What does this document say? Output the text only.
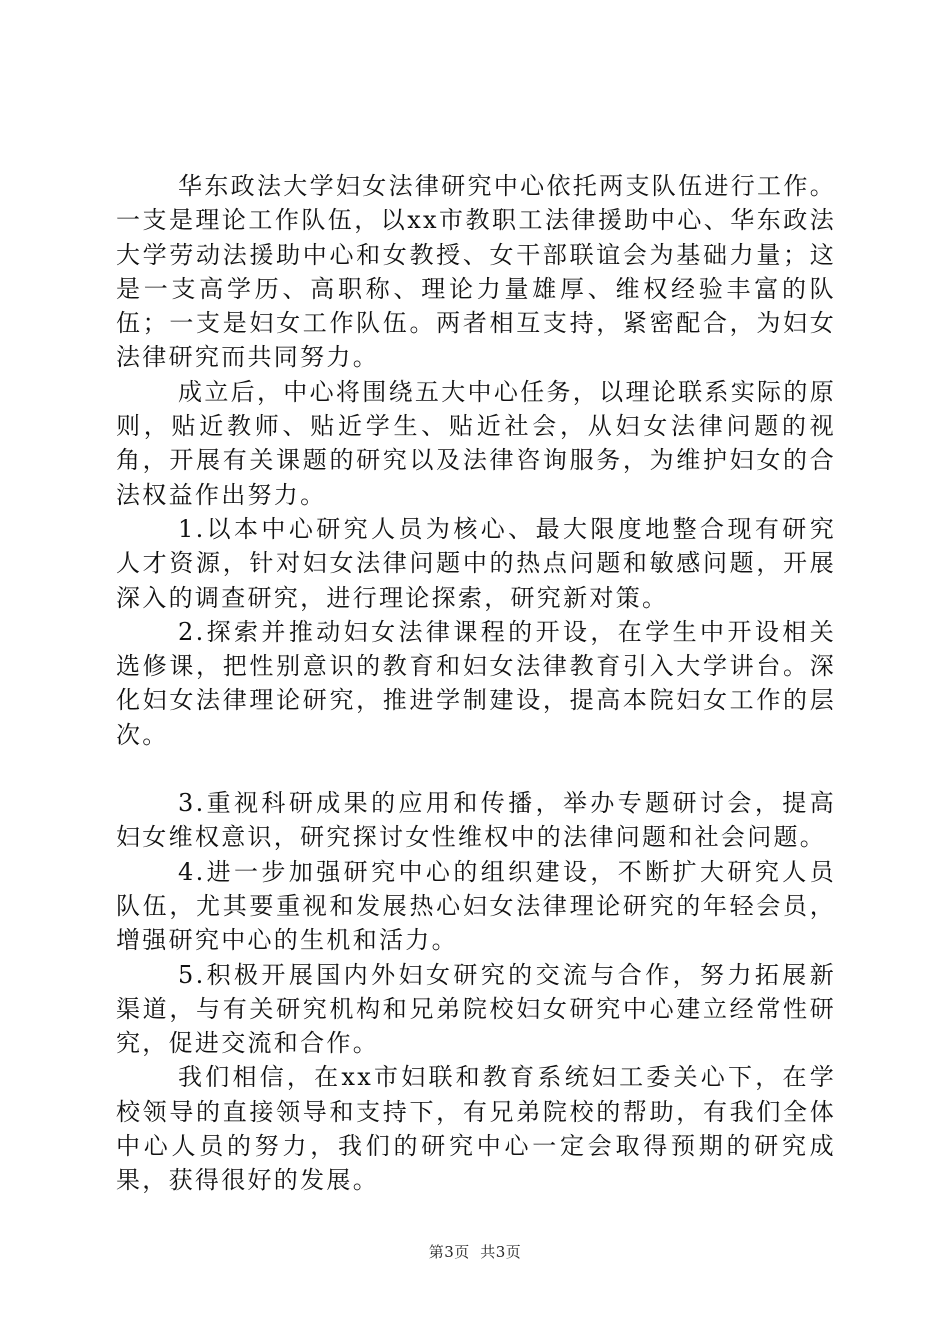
华东政法大学妇女法律研究中心依托两支队伍进行工作。一支是理论工作队伍，以xx市教职工法律援助中心、华东政法大学劳动法援助中心和女教授、女干部联谊会为基础力量；这是一支高学历、高职称、理论力量雄厚、维权经验丰富的队伍；一支是妇女工作队伍。两者相互支持，紧密配合，为妇女法律研究而共同努力。

成立后，中心将围绕五大中心任务，以理论联系实际的原则，贴近教师、贴近学生、贴近社会，从妇女法律问题的视角，开展有关课题的研究以及法律咨询服务，为维护妇女的合法权益作出努力。

1.以本中心研究人员为核心、最大限度地整合现有研究人才资源，针对妇女法律问题中的热点问题和敏感问题，开展深入的调查研究，进行理论探索，研究新对策。

2.探索并推动妇女法律课程的开设，在学生中开设相关选修课，把性别意识的教育和妇女法律教育引入大学讲台。深化妇女法律理论研究，推进学制建设，提高本院妇女工作的层次。

3.重视科研成果的应用和传播，举办专题研讨会，提高妇女维权意识，研究探讨女性维权中的法律问题和社会问题。

4.进一步加强研究中心的组织建设，不断扩大研究人员队伍，尤其要重视和发展热心妇女法律理论研究的年轻会员，增强研究中心的生机和活力。

5.积极开展国内外妇女研究的交流与合作，努力拓展新渠道，与有关研究机构和兄弟院校妇女研究中心建立经常性研究，促进交流和合作。

我们相信，在xx市妇联和教育系统妇工委关心下，在学校领导的直接领导和支持下，有兄弟院校的帮助，有我们全体中心人员的努力，我们的研究中心一定会取得预期的研究成果，获得很好的发展。

第3页  共3页
